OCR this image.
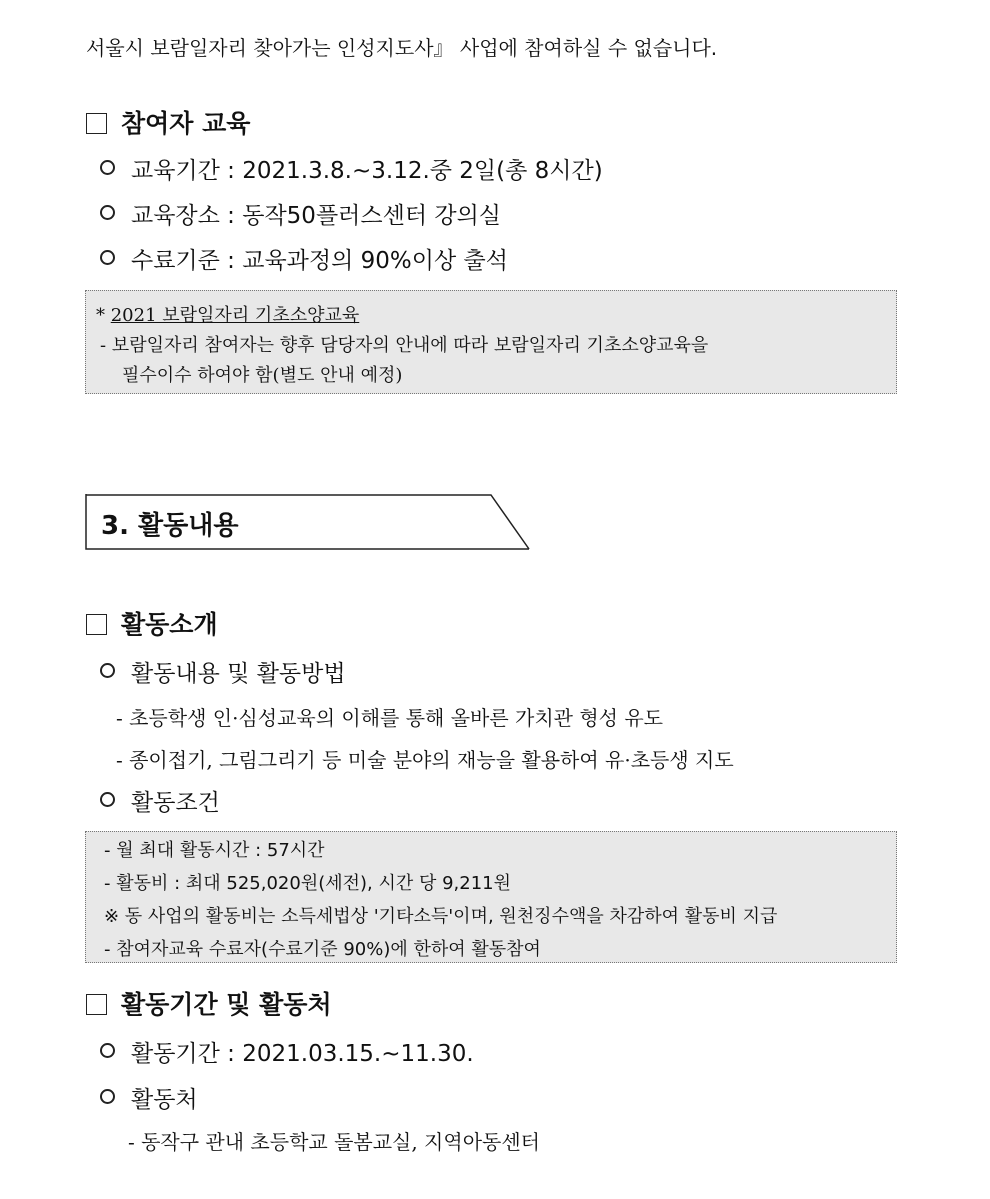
서울시 보람일자리 찾아가는 인성지도사』 사업에 참여하실 수 없습니다.
참여자 교육
교육기간 : 2021.3.8.~3.12.중 2일(총 8시간)
교육장소 : 동작50플러스센터 강의실
수료기준 : 교육과정의 90%이상 출석
* 2021 보람일자리 기초소양교육
- 보람일자리 참여자는 향후 담당자의 안내에 따라 보람일자리 기초소양교육을
필수이수 하여야 함(별도 안내 예정)
3. 활동내용
활동소개
활동내용 및 활동방법
- 초등학생 인·심성교육의 이해를 통해 올바른 가치관 형성 유도
- 종이접기, 그림그리기 등 미술 분야의 재능을 활용하여 유·초등생 지도
활동조건
- 월 최대 활동시간 : 57시간
- 활동비 : 최대 525,020원(세전), 시간 당 9,211원
※ 동 사업의 활동비는 소득세법상 '기타소득'이며, 원천징수액을 차감하여 활동비 지급
- 참여자교육 수료자(수료기준 90%)에 한하여 활동참여
활동기간 및 활동처
활동기간 : 2021.03.15.~11.30.
활동처
- 동작구 관내 초등학교 돌봄교실, 지역아동센터
